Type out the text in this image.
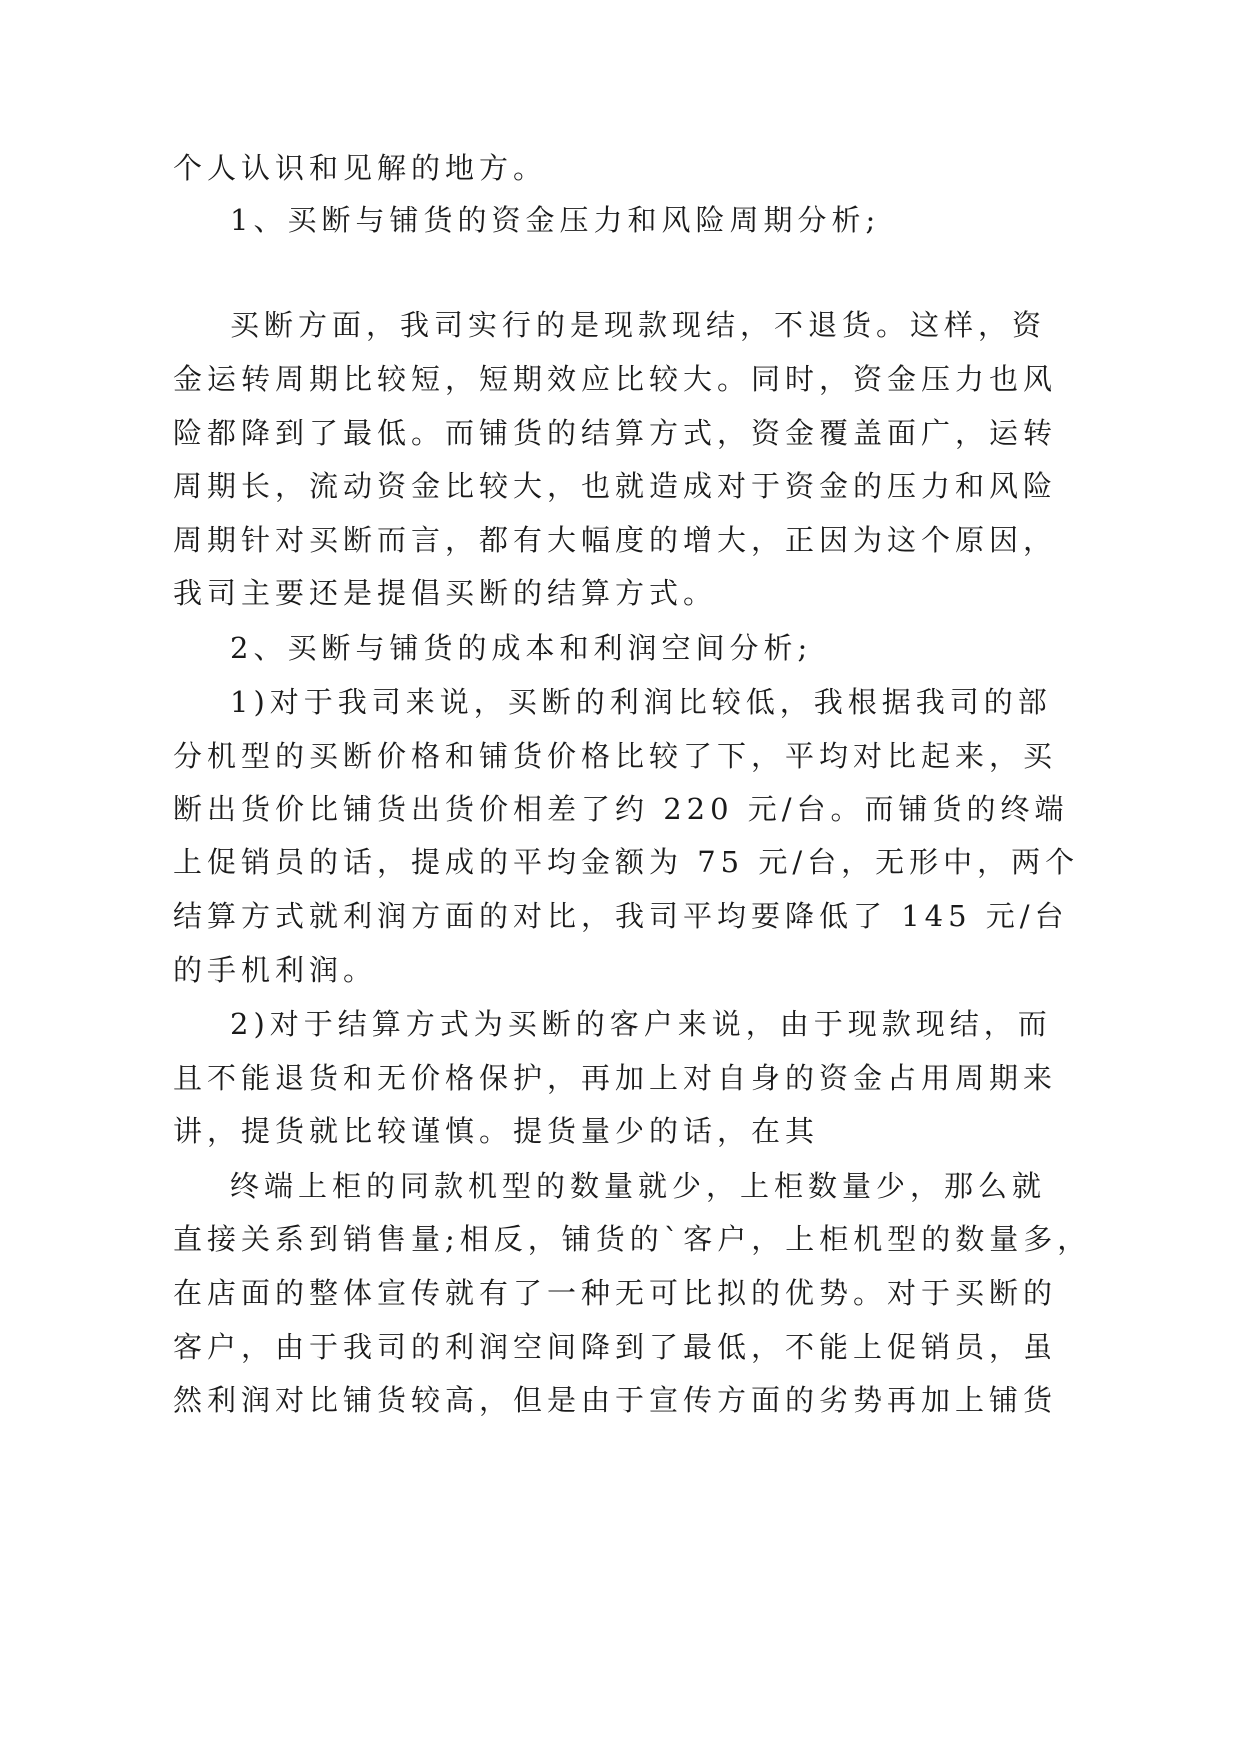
个人认识和见解的地方。
1、买断与铺货的资金压力和风险周期分析;
买断方面，我司实行的是现款现结，不退货。这样，资
金运转周期比较短，短期效应比较大。同时，资金压力也风
险都降到了最低。而铺货的结算方式，资金覆盖面广，运转
周期长，流动资金比较大，也就造成对于资金的压力和风险
周期针对买断而言，都有大幅度的增大，正因为这个原因，
我司主要还是提倡买断的结算方式。
2、买断与铺货的成本和利润空间分析;
1)对于我司来说，买断的利润比较低，我根据我司的部
分机型的买断价格和铺货价格比较了下，平均对比起来，买
断出货价比铺货出货价相差了约 220 元/台。而铺货的终端
上促销员的话，提成的平均金额为 75 元/台，无形中，两个
结算方式就利润方面的对比，我司平均要降低了 145 元/台
的手机利润。
2)对于结算方式为买断的客户来说，由于现款现结，而
且不能退货和无价格保护，再加上对自身的资金占用周期来
讲，提货就比较谨慎。提货量少的话，在其
终端上柜的同款机型的数量就少，上柜数量少，那么就
直接关系到销售量;相反，铺货的`客户，上柜机型的数量多，
在店面的整体宣传就有了一种无可比拟的优势。对于买断的
客户，由于我司的利润空间降到了最低，不能上促销员，虽
然利润对比铺货较高，但是由于宣传方面的劣势再加上铺货
